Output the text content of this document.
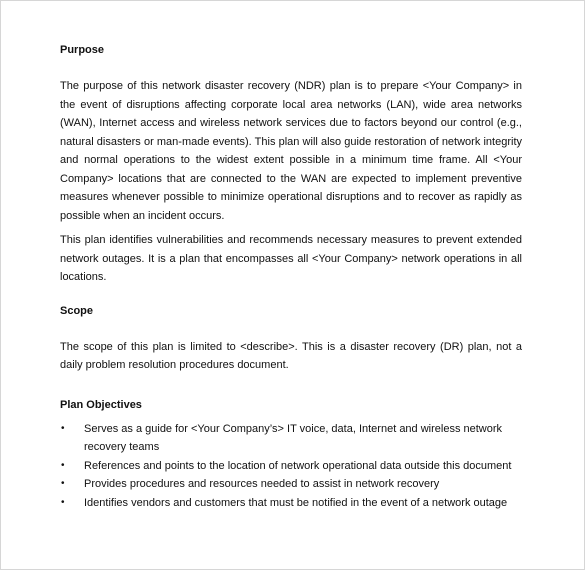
Purpose

The purpose of this network disaster recovery (NDR) plan is to prepare <Your Company> in the event of disruptions affecting corporate local area networks (LAN), wide area networks (WAN), Internet access and wireless network services due to factors beyond our control (e.g., natural disasters or man-made events). This plan will also guide restoration of network integrity and normal operations to the widest extent possible in a minimum time frame. All <Your Company> locations that are connected to the WAN are expected to implement preventive measures whenever possible to minimize operational disruptions and to recover as rapidly as possible when an incident occurs.

This plan identifies vulnerabilities and recommends necessary measures to prevent extended network outages. It is a plan that encompasses all <Your Company> network operations in all locations.

Scope

The scope of this plan is limited to <describe>. This is a disaster recovery (DR) plan, not a daily problem resolution procedures document.

Plan Objectives
• Serves as a guide for <Your Company’s> IT voice, data, Internet and wireless network recovery teams
• References and points to the location of network operational data outside this document
• Provides procedures and resources needed to assist in network recovery
• Identifies vendors and customers that must be notified in the event of a network outage
